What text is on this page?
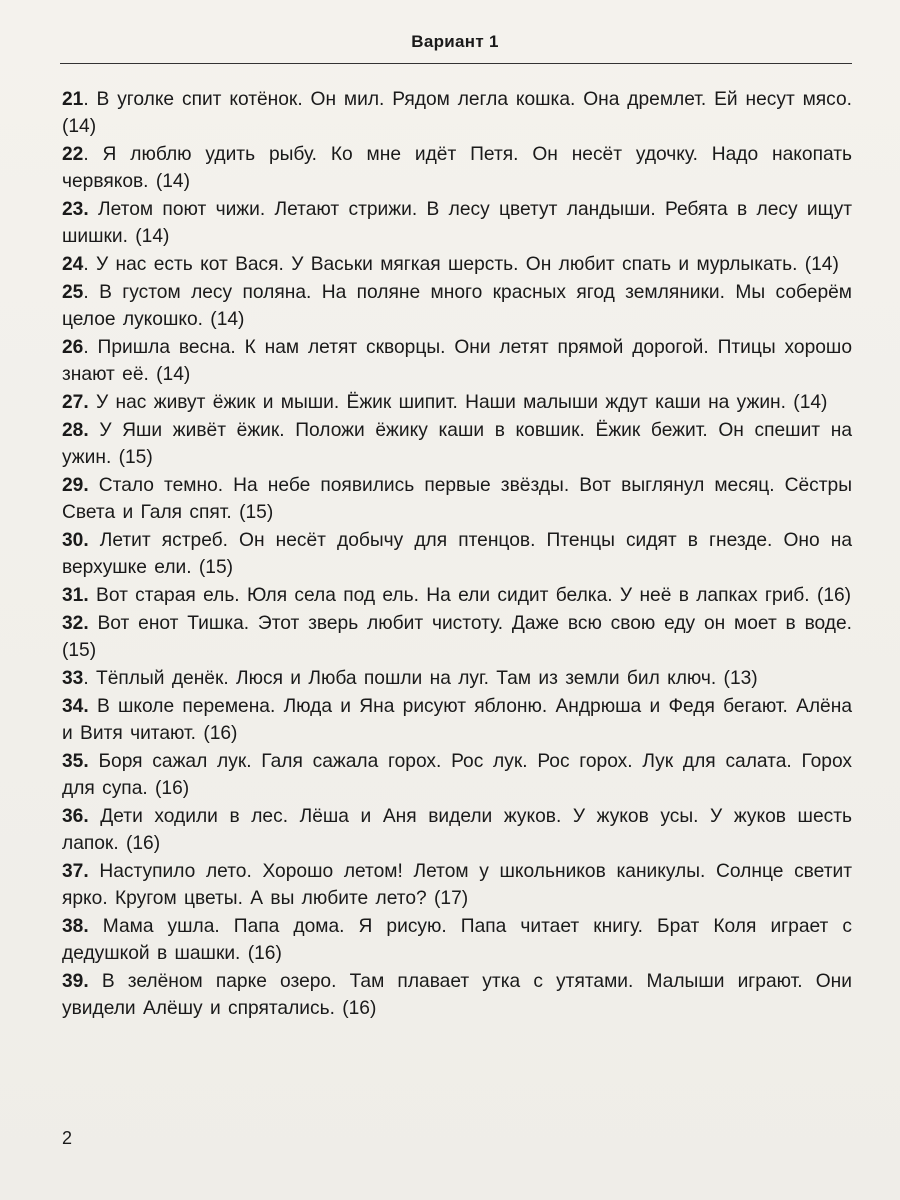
Вариант 1

21. В уголке спит котёнок. Он мил. Рядом легла кошка. Она дремлет. Ей несут мясо. (14)

22. Я люблю удить рыбу. Ко мне идёт Петя. Он несёт удочку. Надо накопать червяков. (14)

23. Летом поют чижи. Летают стрижи. В лесу цветут ландыши. Ребята в лесу ищут шишки. (14)

24. У нас есть кот Вася. У Васьки мягкая шерсть. Он любит спать и мурлыкать. (14)

25. В густом лесу поляна. На поляне много красных ягод земляники. Мы соберём целое лукошко. (14)

26. Пришла весна. К нам летят скворцы. Они летят прямой дорогой. Птицы хорошо знают её. (14)

27. У нас живут ёжик и мыши. Ёжик шипит. Наши малыши ждут каши на ужин. (14)

28. У Яши живёт ёжик. Положи ёжику каши в ковшик. Ёжик бежит. Он спешит на ужин. (15)

29. Стало темно. На небе появились первые звёзды. Вот выглянул месяц. Сёстры Света и Галя спят. (15)

30. Летит ястреб. Он несёт добычу для птенцов. Птенцы сидят в гнезде. Оно на верхушке ели. (15)

31. Вот старая ель. Юля села под ель. На ели сидит белка. У неё в лапках гриб. (16)

32. Вот енот Тишка. Этот зверь любит чистоту. Даже всю свою еду он моет в воде. (15)

33. Тёплый денёк. Люся и Люба пошли на луг. Там из земли бил ключ. (13)

34. В школе перемена. Люда и Яна рисуют яблоню. Андрюша и Федя бегают. Алёна и Витя читают. (16)

35. Боря сажал лук. Галя сажала горох. Рос лук. Рос горох. Лук для салата. Горох для супа. (16)

36. Дети ходили в лес. Лёша и Аня видели жуков. У жуков усы. У жуков шесть лапок. (16)

37. Наступило лето. Хорошо летом! Летом у школьников каникулы. Солнце светит ярко. Кругом цветы. А вы любите лето? (17)

38. Мама ушла. Папа дома. Я рисую. Папа читает книгу. Брат Коля играет с дедушкой в шашки. (16)

39. В зелёном парке озеро. Там плавает утка с утятами. Малыши играют. Они увидели Алёшу и спрятались. (16)

2
